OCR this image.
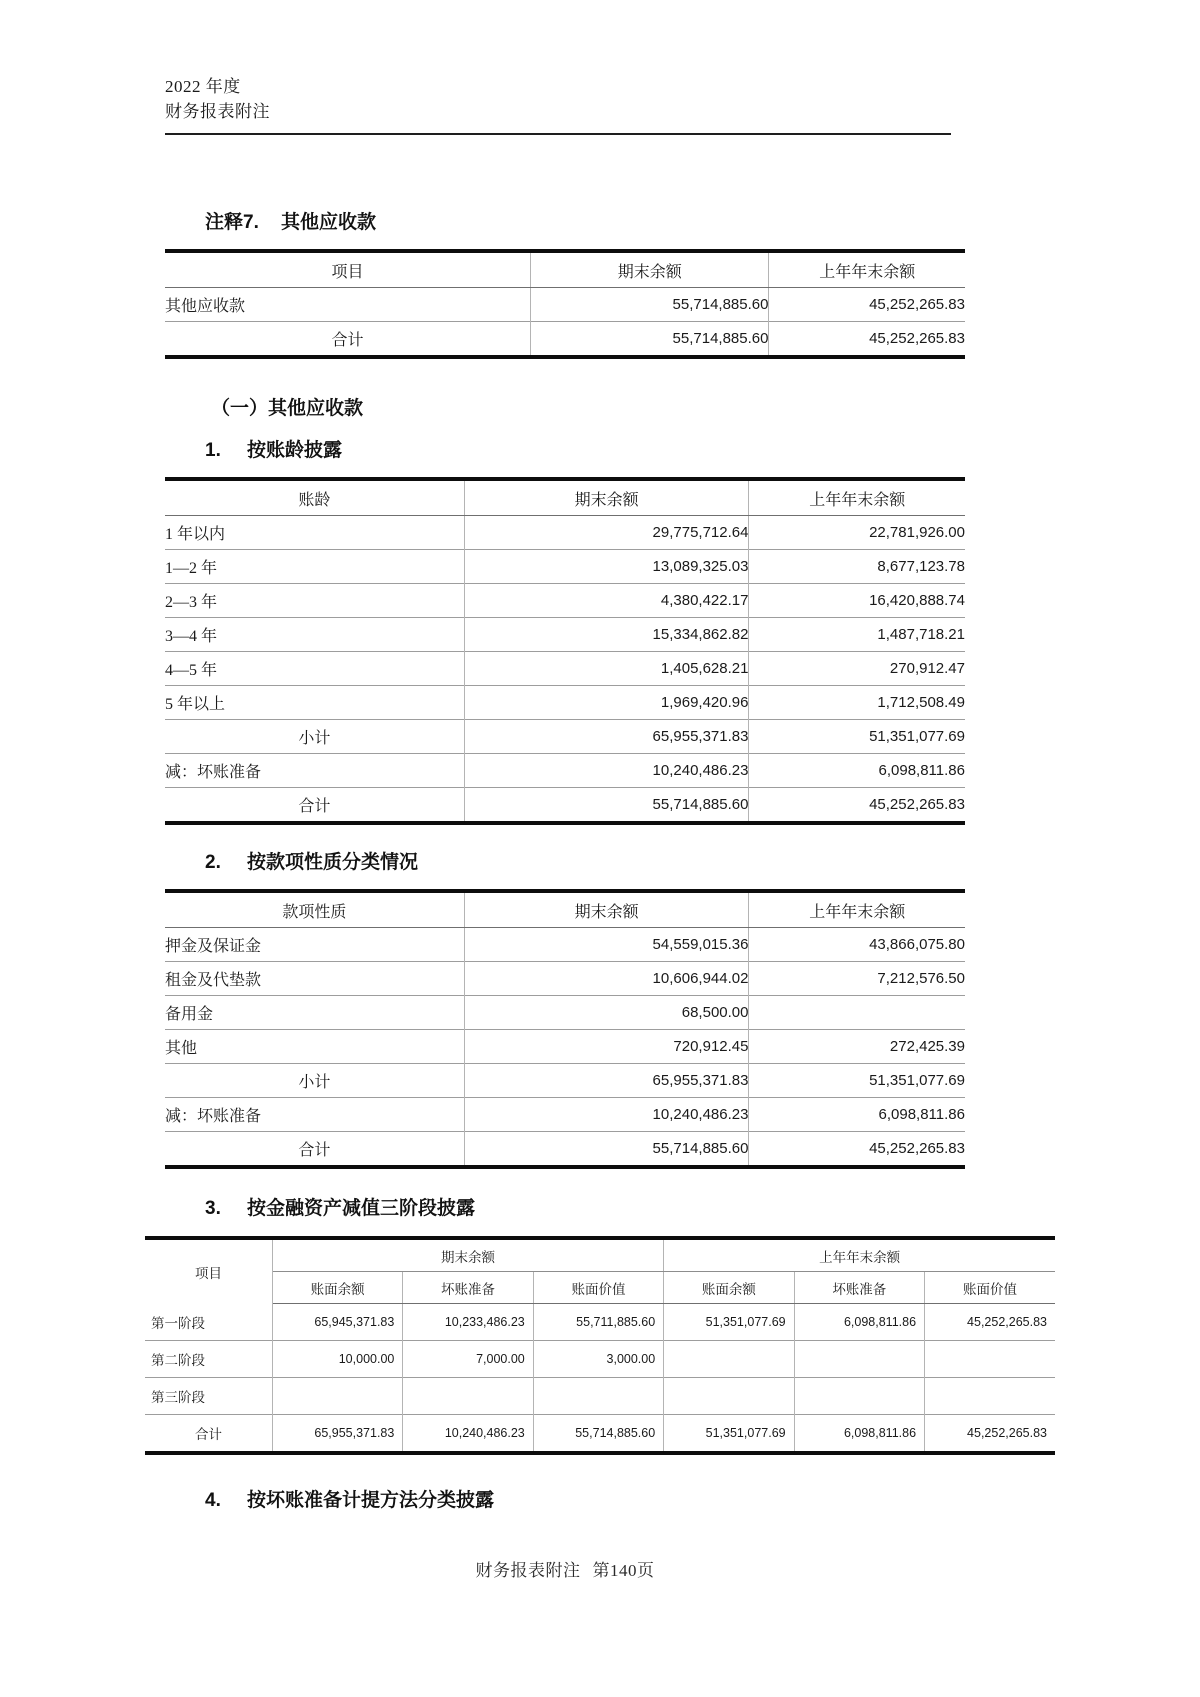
2022 年度
财务报表附注
注释7. 其他应收款
项目	期末余额	上年年末余额
其他应收款	55,714,885.60	45,252,265.83
合计	55,714,885.60	45,252,265.83
（一）其他应收款
1. 按账龄披露
账龄	期末余额	上年年末余额
1 年以内	29,775,712.64	22,781,926.00
1—2 年	13,089,325.03	8,677,123.78
2—3 年	4,380,422.17	16,420,888.74
3—4 年	15,334,862.82	1,487,718.21
4—5 年	1,405,628.21	270,912.47
5 年以上	1,969,420.96	1,712,508.49
小计	65,955,371.83	51,351,077.69
减：坏账准备	10,240,486.23	6,098,811.86
合计	55,714,885.60	45,252,265.83
2. 按款项性质分类情况
款项性质	期末余额	上年年末余额
押金及保证金	54,559,015.36	43,866,075.80
租金及代垫款	10,606,944.02	7,212,576.50
备用金	68,500.00	
其他	720,912.45	272,425.39
小计	65,955,371.83	51,351,077.69
减：坏账准备	10,240,486.23	6,098,811.86
合计	55,714,885.60	45,252,265.83
3. 按金融资产减值三阶段披露
项目	期末余额			上年年末余额		
	账面余额	坏账准备	账面价值	账面余额	坏账准备	账面价值
第一阶段	65,945,371.83	10,233,486.23	55,711,885.60	51,351,077.69	6,098,811.86	45,252,265.83
第二阶段	10,000.00	7,000.00	3,000.00			
第三阶段						
合计	65,955,371.83	10,240,486.23	55,714,885.60	51,351,077.69	6,098,811.86	45,252,265.83
4. 按坏账准备计提方法分类披露
财务报表附注 第140页
